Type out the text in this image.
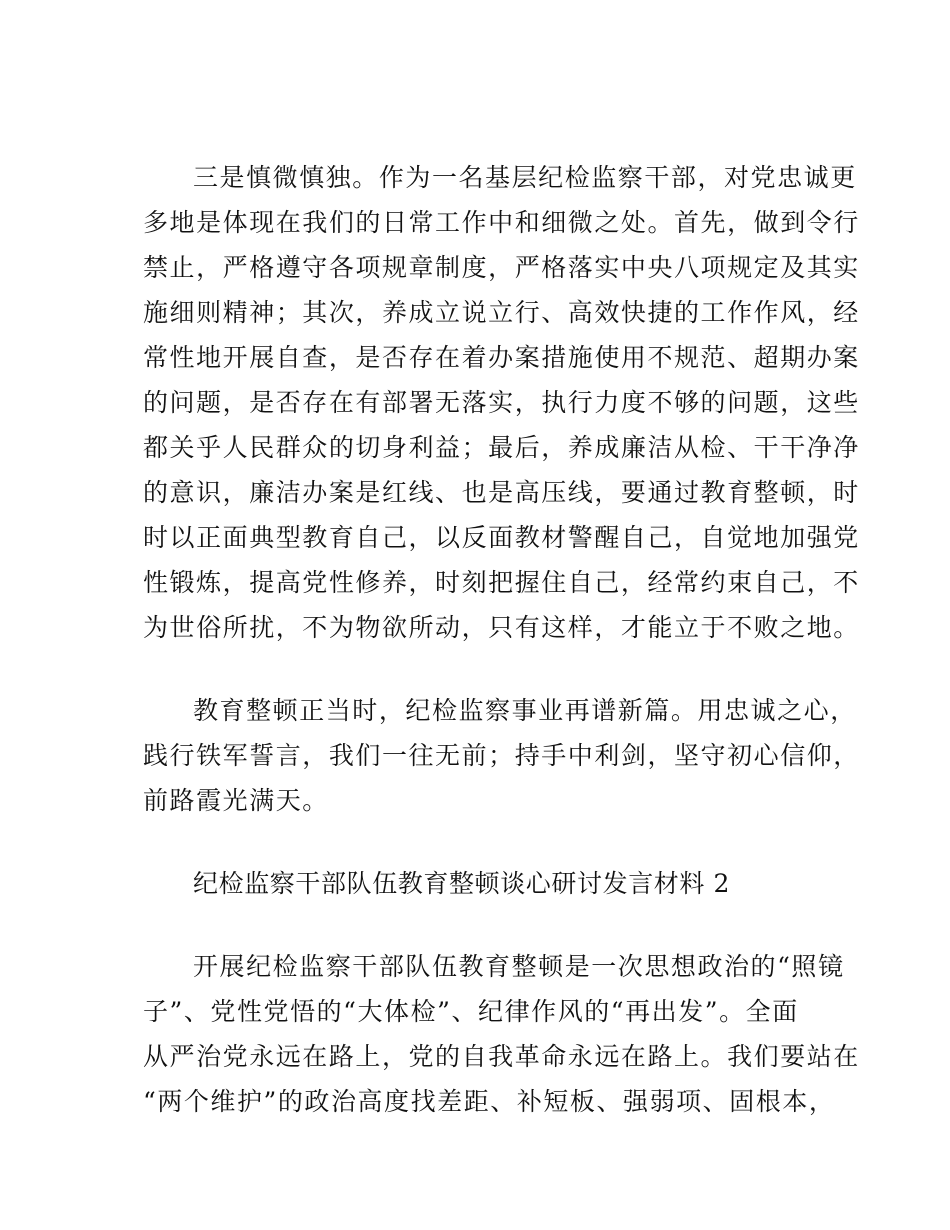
三是慎微慎独。作为一名基层纪检监察干部，对党忠诚更
多地是体现在我们的日常工作中和细微之处。首先，做到令行
禁止，严格遵守各项规章制度，严格落实中央八项规定及其实
施细则精神；其次，养成立说立行、高效快捷的工作作风，经
常性地开展自查，是否存在着办案措施使用不规范、超期办案
的问题，是否存在有部署无落实，执行力度不够的问题，这些
都关乎人民群众的切身利益；最后，养成廉洁从检、干干净净
的意识，廉洁办案是红线、也是高压线，要通过教育整顿，时
时以正面典型教育自己，以反面教材警醒自己，自觉地加强党
性锻炼，提高党性修养，时刻把握住自己，经常约束自己，不
为世俗所扰，不为物欲所动，只有这样，才能立于不败之地。
教育整顿正当时，纪检监察事业再谱新篇。用忠诚之心，
践行铁军誓言，我们一往无前；持手中利剑，坚守初心信仰，
前路霞光满天。
纪检监察干部队伍教育整顿谈心研讨发言材料 2
开展纪检监察干部队伍教育整顿是一次思想政治的“照镜
子”、党性党悟的“大体检”、纪律作风的“再出发”。全面
从严治党永远在路上，党的自我革命永远在路上。我们要站在
“两个维护”的政治高度找差距、补短板、强弱项、固根本，
